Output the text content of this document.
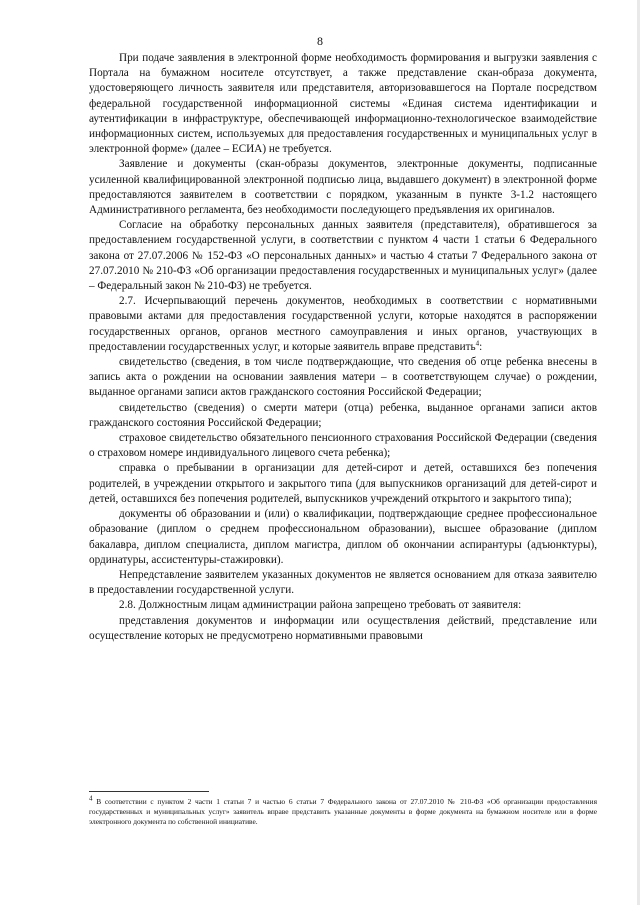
8

При подаче заявления в электронной форме необходимость формирования и выгрузки заявления с Портала на бумажном носителе отсутствует, а также представление скан-образа документа, удостоверяющего личность заявителя или представителя, авторизовавшегося на Портале посредством федеральной государственной информационной системы «Единая система идентификации и аутентификации в инфраструктуре, обеспечивающей информационно-технологическое взаимодействие информационных систем, используемых для предоставления государственных и муниципальных услуг в электронной форме» (далее – ЕСИА) не требуется.

Заявление и документы (скан-образы документов, электронные документы, подписанные усиленной квалифицированной электронной подписью лица, выдавшего документ) в электронной форме предоставляются заявителем в соответствии с порядком, указанным в пункте 3-1.2 настоящего Административного регламента, без необходимости последующего предъявления их оригиналов.

Согласие на обработку персональных данных заявителя (представителя), обратившегося за предоставлением государственной услуги, в соответствии с пунктом 4 части 1 статьи 6 Федерального закона от 27.07.2006 № 152-ФЗ «О персональных данных» и частью 4 статьи 7 Федерального закона от 27.07.2010 № 210-ФЗ «Об организации предоставления государственных и муниципальных услуг» (далее – Федеральный закон № 210-ФЗ) не требуется.

2.7. Исчерпывающий перечень документов, необходимых в соответствии с нормативными правовыми актами для предоставления государственной услуги, которые находятся в распоряжении государственных органов, органов местного самоуправления и иных органов, участвующих в предоставлении государственных услуг, и которые заявитель вправе представить$^4$:

свидетельство (сведения, в том числе подтверждающие, что сведения об отце ребенка внесены в запись акта о рождении на основании заявления матери – в соответствующем случае) о рождении, выданное органами записи актов гражданского состояния Российской Федерации;

свидетельство (сведения) о смерти матери (отца) ребенка, выданное органами записи актов гражданского состояния Российской Федерации;

страховое свидетельство обязательного пенсионного страхования Российской Федерации (сведения о страховом номере индивидуального лицевого счета ребенка);

справка о пребывании в организации для детей-сирот и детей, оставшихся без попечения родителей, в учреждении открытого и закрытого типа (для выпускников организаций для детей-сирот и детей, оставшихся без попечения родителей, выпускников учреждений открытого и закрытого типа);

документы об образовании и (или) о квалификации, подтверждающие среднее профессиональное образование (диплом о среднем профессиональном образовании), высшее образование (диплом бакалавра, диплом специалиста, диплом магистра, диплом об окончании аспирантуры (адъюнктуры), ординатуры, ассистентуры-стажировки).

Непредставление заявителем указанных документов не является основанием для отказа заявителю в предоставлении государственной услуги.

2.8. Должностным лицам администрации района запрещено требовать от заявителя:

представления документов и информации или осуществления действий, представление или осуществление которых не предусмотрено нормативными правовыми

$^4$ В соответствии с пунктом 2 части 1 статьи 7 и частью 6 статьи 7 Федерального закона от 27.07.2010 № 210-ФЗ «Об организации предоставления государственных и муниципальных услуг» заявитель вправе представить указанные документы в форме документа на бумажном носителе или в форме электронного документа по собственной инициативе.
